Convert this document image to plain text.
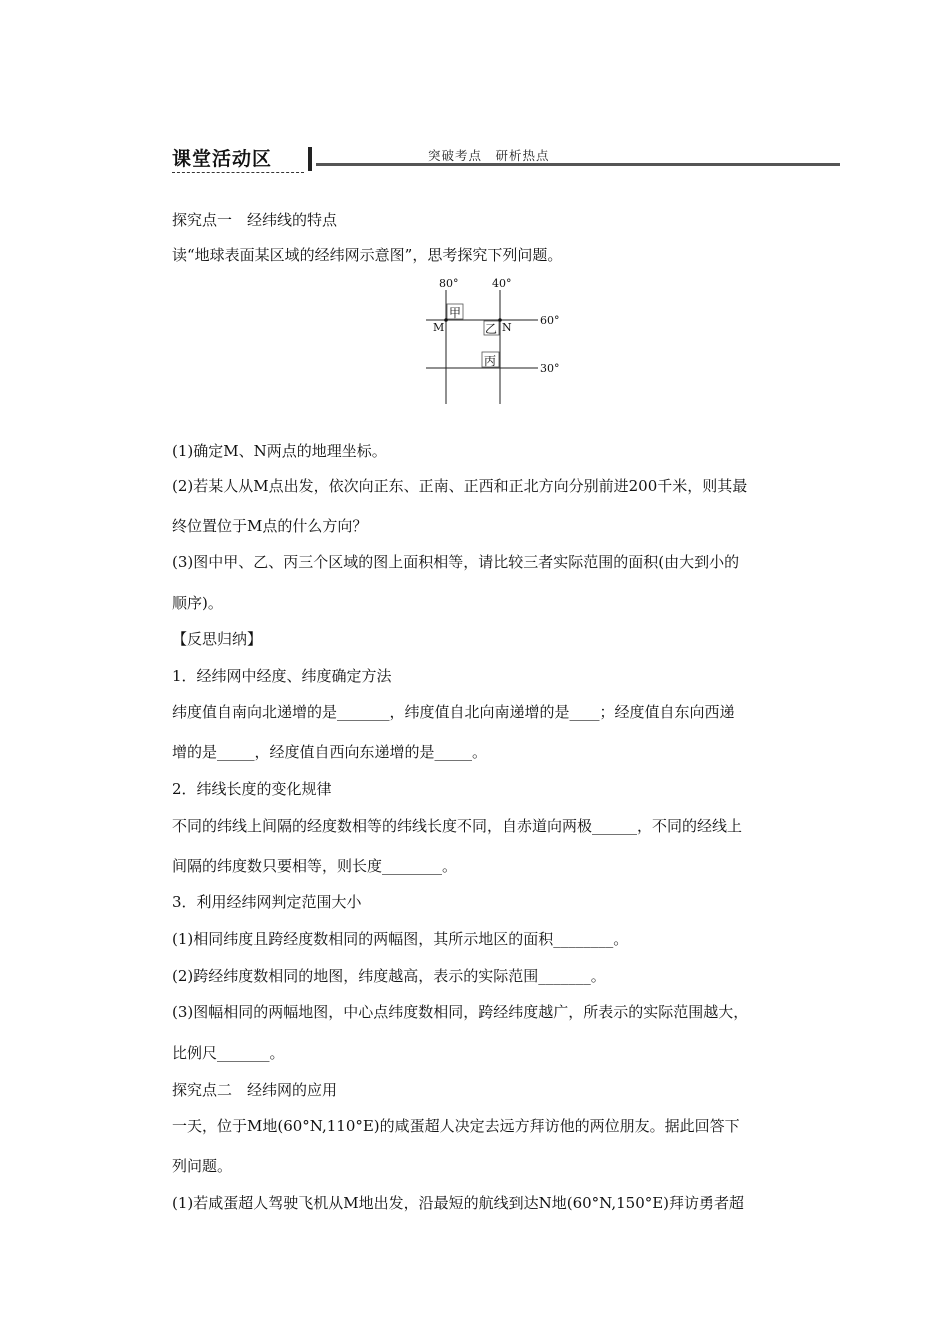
课堂活动区	突破考点　研析热点
探究点一　经纬线的特点
读“地球表面某区域的经纬网示意图”，思考探究下列问题。
80°	40°
60°
30°
M	N
甲
乙
丙
(1)确定M、N两点的地理坐标。
(2)若某人从M点出发，依次向正东、正南、正西和正北方向分别前进200千米，则其最
终位置位于M点的什么方向？
(3)图中甲、乙、丙三个区域的图上面积相等，请比较三者实际范围的面积(由大到小的
顺序)。
【反思归纳】
1．经纬网中经度、纬度确定方法
纬度值自南向北递增的是_______，纬度值自北向南递增的是____；经度值自东向西递
增的是_____，经度值自西向东递增的是_____。
2．纬线长度的变化规律
不同的纬线上间隔的经度数相等的纬线长度不同，自赤道向两极______，不同的经线上
间隔的纬度数只要相等，则长度________。
3．利用经纬网判定范围大小
(1)相同纬度且跨经度数相同的两幅图，其所示地区的面积________。
(2)跨经纬度数相同的地图，纬度越高，表示的实际范围_______。
(3)图幅相同的两幅地图，中心点纬度数相同，跨经纬度越广，所表示的实际范围越大，
比例尺_______。
探究点二　经纬网的应用
一天，位于M地(60°N,110°E)的咸蛋超人决定去远方拜访他的两位朋友。据此回答下
列问题。
(1)若咸蛋超人驾驶飞机从M地出发，沿最短的航线到达N地(60°N,150°E)拜访勇者超
